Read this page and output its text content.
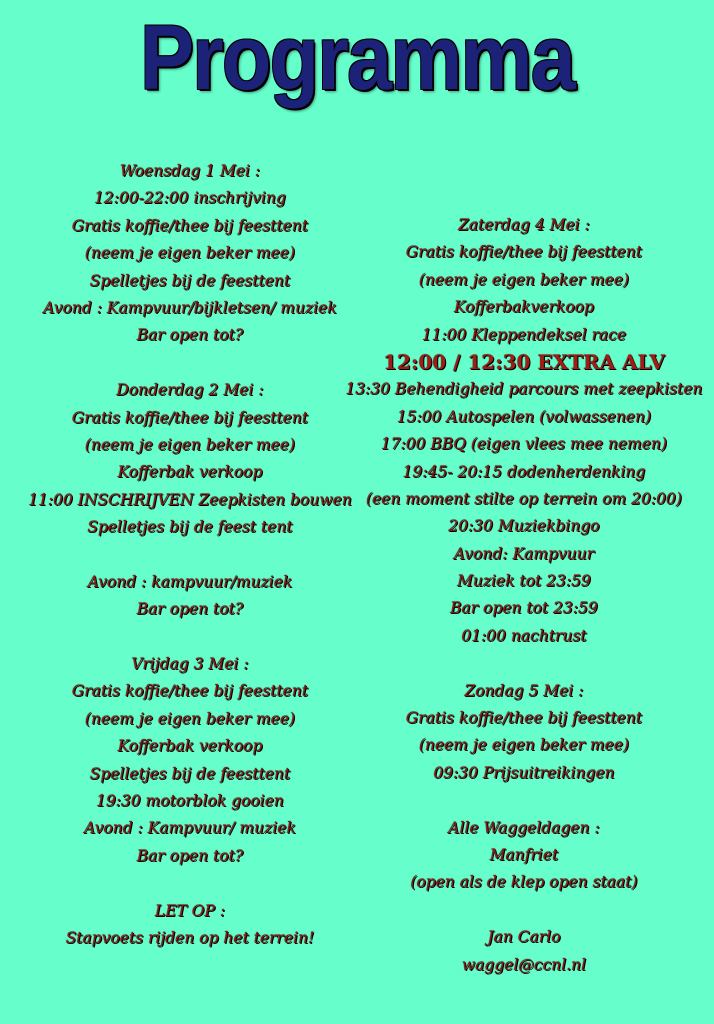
Programma
Woensdag 1 Mei :
12:00-22:00 inschrijving
Gratis koffie/thee bij feesttent
(neem je eigen beker mee)
Spelletjes bij de feesttent
Avond : Kampvuur/bijkletsen/ muziek
Bar open tot?
Donderdag 2 Mei :
Gratis koffie/thee bij feesttent
(neem je eigen beker mee)
Kofferbak verkoop
11:00 INSCHRIJVEN Zeepkisten bouwen
Spelletjes bij de feest tent
Avond : kampvuur/muziek
Bar open tot?
Vrijdag 3 Mei :
Gratis koffie/thee bij feesttent
(neem je eigen beker mee)
Kofferbak verkoop
Spelletjes bij de feesttent
19:30 motorblok gooien
Avond : Kampvuur/ muziek
Bar open tot?
LET OP :
Stapvoets rijden op het terrein!
Zaterdag 4 Mei :
Gratis koffie/thee bij feesttent
(neem je eigen beker mee)
Kofferbakverkoop
11:00 Kleppendeksel race
12:00 / 12:30 EXTRA ALV
13:30 Behendigheid parcours met zeepkisten
15:00 Autospelen (volwassenen)
17:00 BBQ (eigen vlees mee nemen)
19:45- 20:15 dodenherdenking
(een moment stilte op terrein om 20:00)
20:30 Muziekbingo
Avond: Kampvuur
Muziek tot 23:59
Bar open tot 23:59
01:00 nachtrust
Zondag 5 Mei :
Gratis koffie/thee bij feesttent
(neem je eigen beker mee)
09:30 Prijsuitreikingen
Alle Waggeldagen :
Manfriet
(open als de klep open staat)
Jan Carlo
waggel@ccnl.nl
